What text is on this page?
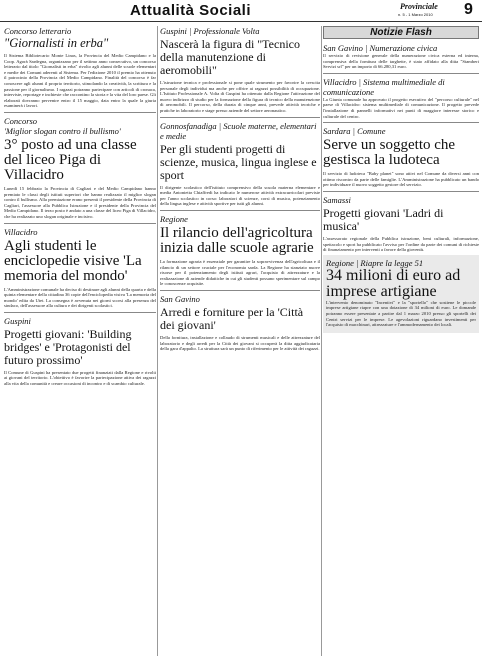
Attualità Sociali	Provinciale
n. 5 - 1 Marzo 2010 9
Concorso letterario
"Giornalisti in erba"
Il Sistema Bibliotecario Monte Linas, la Provincia del Medio Campidano e la Coop. Agorà Sardegna, organizzano per il settimo anno consecutivo, un concorso letterario dal titolo "Giornalisti in erba" rivolto agli alunni delle scuole elementari e medie dei Comuni aderenti al Sistema. Per l'edizione 2010 il premio ha ottenuto il patrocinio della Provincia del Medio Campidano. Finalità del concorso è far conoscere agli alunni il proprio territorio, stimolando la creatività, la scrittura e la passione per il giornalismo. I ragazzi potranno partecipare con articoli di cronaca, interviste, reportage e inchieste che raccontino la storia e la vita del loro paese. Gli elaborati dovranno pervenire entro il 15 maggio, data entro la quale la giuria esaminerà i lavori.
Concorso
'Miglior slogan contro il bullismo'
3° posto ad una classe del liceo Piga di Villacidro
Lunedì 15 febbraio la Provincia di Cagliari e del Medio Campidano hanno premiato le classi degli istituti superiori che hanno realizzato il miglior slogan contro il bullismo. Alla premiazione erano presenti il presidente della Provincia di Cagliari, l'assessore alla Pubblica Istruzione e il presidente della Provincia del Medio Campidano. Il terzo posto è andato a una classe del liceo Piga di Villacidro, che ha realizzato uno slogan originale e incisivo.
Villacidro
Agli studenti le enciclopedie visive 'La memoria del mondo'
L'Amministrazione comunale ha deciso di destinare agli alunni della quarta e della quinta elementare della cittadina 36 copie dell'enciclopedia visiva 'La memoria del mondo' edita da Utet. La consegna è avvenuta nei giorni scorsi alla presenza del sindaco, dell'assessore alla cultura e dei dirigenti scolastici.
Guspini
Progetti giovani: 'Building bridges' e 'Protagonisti del futuro prossimo'
Il Comune di Guspini ha presentato due progetti finanziati dalla Regione e rivolti ai giovani del territorio. L'obiettivo è favorire la partecipazione attiva dei ragazzi alla vita della comunità e creare occasioni di incontro e di scambio culturale.
Guspini | Professionale Volta
Nascerà la figura di "Tecnico della manutenzione di aeromobili"
L'istruzione tecnica e professionale si pone quale strumento per favorire la crescita personale degli individui ma anche per offrire ai ragazzi possibilità di occupazione. L'Istituto Professionale A. Volta di Guspini ha ottenuto dalla Regione l'attivazione del nuovo indirizzo di studio per la formazione della figura di tecnico della manutenzione di aeromobili. Il percorso, della durata di cinque anni, prevede attività teoriche e pratiche in laboratorio e stage presso aziende del settore aeronautico.
Gonnosfanadiga | Scuole materne, elementari e medie
Per gli studenti progetti di scienze, musica, lingua inglese e sport
Il dirigente scolastico dell'istituto comprensivo della scuola materna elementare e media Antonietta Chiaffredi ha indicato le numerose attività extracurricolari previste per l'anno scolastico in corso: laboratori di scienze, corsi di musica, potenziamento della lingua inglese e attività sportive per tutti gli alunni.
Regione
Il rilancio dell'agricoltura inizia dalle scuole agrarie
La formazione agraria è essenziale per garantire la sopravvivenza dell'agricoltura e il rilancio di un settore cruciale per l'economia sarda. La Regione ha stanziato nuove risorse per il potenziamento degli istituti agrari, l'acquisto di attrezzature e la realizzazione di aziende didattiche in cui gli studenti possano sperimentare sul campo le conoscenze acquisite.
San Gavino
Arredi e forniture per la 'Città dei giovani'
Della fornitura, installazione e collaudo di strumenti musicali e delle attrezzature del laboratorio e degli arredi per la Città dei giovani si occuperà la ditta aggiudicataria della gara d'appalto. La struttura sarà un punto di riferimento per le attività dei ragazzi.
Notizie Flash
San Gavino | Numerazione civica
Il servizio di revisione generale della numerazione civica esterna ed interna, comprensiva della fornitura delle targhette, è stato affidato alla ditta "Stamberi Servizi srl" per un importo di 66.280,31 euro.
Villacidro | Sistema multimediale di comunicazione
La Giunta comunale ha approvato il progetto esecutivo del "percorso culturale" nel paese di Villacidro: sistema multimediale di comunicazione. Il progetto prevede l'installazione di pannelli informativi nei punti di maggiore interesse storico e culturale del centro.
Sardara | Comune
Serve un soggetto che gestisca la ludoteca
Il servizio di ludoteca "Baby planet" sono attivi nel Comune da diversi anni con ottimo riscontro da parte delle famiglie. L'Amministrazione ha pubblicato un bando per individuare il nuovo soggetto gestore del servizio.
Samassi
Progetti giovani 'Ladri di musica'
L'assessorato regionale della Pubblica istruzione, beni culturali, informazione, spettacolo e sport ha pubblicato l'avviso per l'ordine da parte dei comuni di richieste di finanziamento per interventi a favore della gioventù.
Regione | Riapre la legge 51
34 milioni di euro ad imprese artigiane
L'intervento denominato "Incentivi" e la "sportello" che sostiene le piccole imprese artigiane riapre con una dotazione di 34 milioni di euro. Le domande potranno essere presentate a partire dal 1 marzo 2010 presso gli sportelli dei Centri servizi per le imprese. Le agevolazioni riguardano investimenti per l'acquisto di macchinari, attrezzature e l'ammodernamento dei locali.
